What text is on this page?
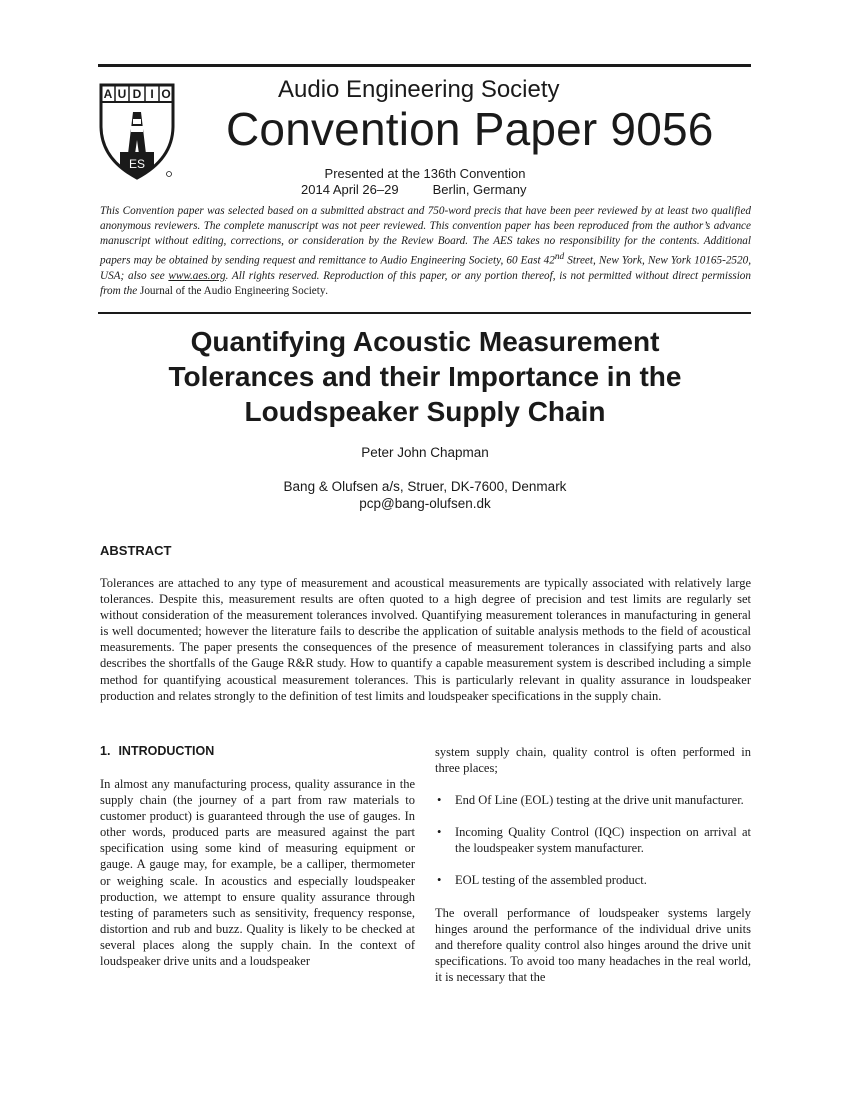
A U D I O
ES
Audio Engineering Society
Convention Paper 9056
Presented at the 136th Convention
2014 April 26–29	Berlin, Germany
This Convention paper was selected based on a submitted abstract and 750-word precis that have been peer reviewed by at least two qualified anonymous reviewers. The complete manuscript was not peer reviewed. This convention paper has been reproduced from the author’s advance manuscript without editing, corrections, or consideration by the Review Board. The AES takes no responsibility for the contents. Additional papers may be obtained by sending request and remittance to Audio Engineering Society, 60 East 42nd Street, New York, New York 10165-2520, USA; also see www.aes.org. All rights reserved. Reproduction of this paper, or any portion thereof, is not permitted without direct permission from the Journal of the Audio Engineering Society.
Quantifying Acoustic Measurement
Tolerances and their Importance in the
Loudspeaker Supply Chain
Peter John Chapman
Bang & Olufsen a/s, Struer, DK-7600, Denmark
pcp@bang-olufsen.dk
ABSTRACT
Tolerances are attached to any type of measurement and acoustical measurements are typically associated with relatively large tolerances. Despite this, measurement results are often quoted to a high degree of precision and test limits are regularly set without consideration of the measurement tolerances involved. Quantifying measurement tolerances in manufacturing in general is well documented; however the literature fails to describe the application of suitable analysis methods to the field of acoustical measurements. The paper presents the consequences of the presence of measurement tolerances in classifying parts and also describes the shortfalls of the Gauge R&R study. How to quantify a capable measurement system is described including a simple method for quantifying acoustical measurement tolerances. This is particularly relevant in quality assurance in loudspeaker production and relates strongly to the definition of test limits and loudspeaker specifications in the supply chain.
1. INTRODUCTION
In almost any manufacturing process, quality assurance in the supply chain (the journey of a part from raw materials to customer product) is guaranteed through the use of gauges. In other words, produced parts are measured against the part specification using some kind of measuring equipment or gauge. A gauge may, for example, be a calliper, thermometer or weighing scale. In acoustics and especially loudspeaker production, we attempt to ensure quality assurance through testing of parameters such as sensitivity, frequency response, distortion and rub and buzz. Quality is likely to be checked at several places along the supply chain. In the context of loudspeaker drive units and a loudspeaker

system supply chain, quality control is often performed in three places;

• End Of Line (EOL) testing at the drive unit manufacturer.
• Incoming Quality Control (IQC) inspection on arrival at the loudspeaker system manufacturer.
• EOL testing of the assembled product.

The overall performance of loudspeaker systems largely hinges around the performance of the individual drive units and therefore quality control also hinges around the drive unit specifications. To avoid too many headaches in the real world, it is necessary that the
